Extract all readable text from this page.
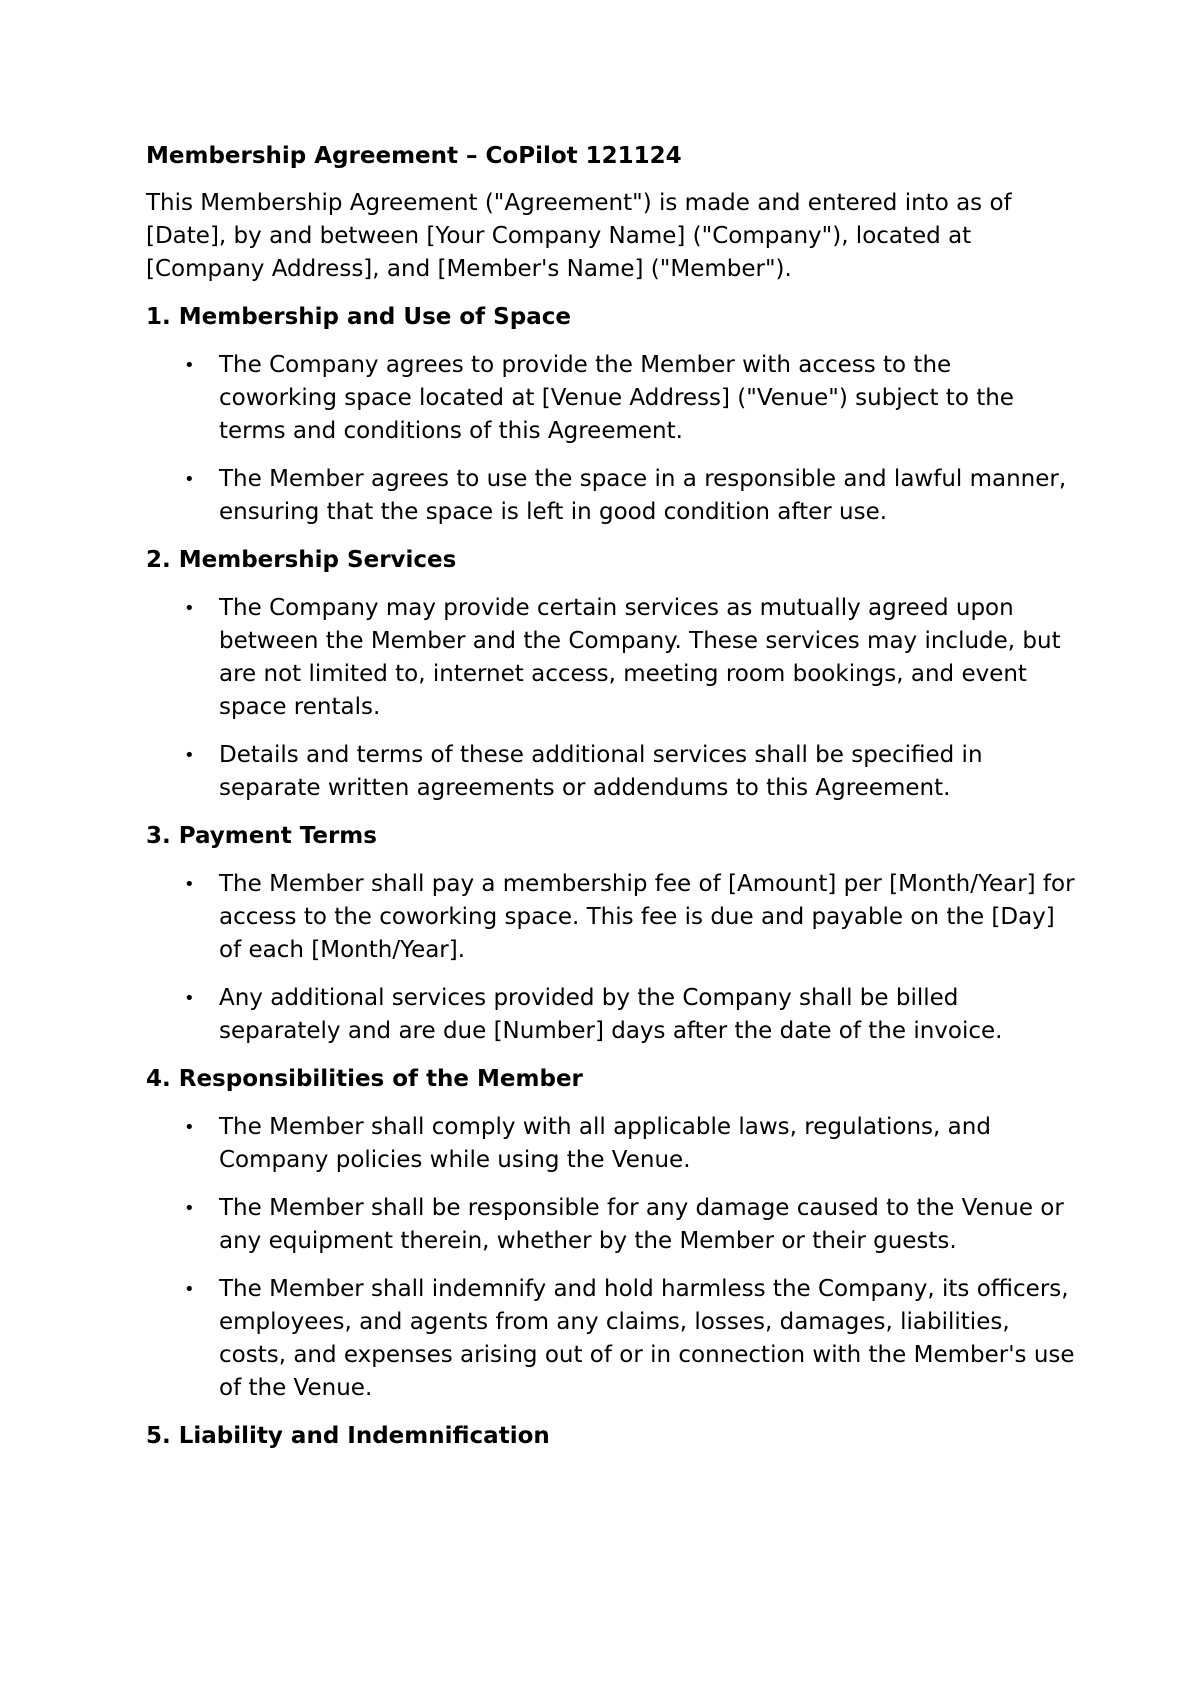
Membership Agreement – CoPilot 121124

This Membership Agreement ("Agreement") is made and entered into as of [Date], by and between [Your Company Name] ("Company"), located at [Company Address], and [Member's Name] ("Member").

1. Membership and Use of Space
•	The Company agrees to provide the Member with access to the coworking space located at [Venue Address] ("Venue") subject to the terms and conditions of this Agreement.
•	The Member agrees to use the space in a responsible and lawful manner, ensuring that the space is left in good condition after use.
2. Membership Services
•	The Company may provide certain services as mutually agreed upon between the Member and the Company. These services may include, but are not limited to, internet access, meeting room bookings, and event space rentals.
•	Details and terms of these additional services shall be specified in separate written agreements or addendums to this Agreement.
3. Payment Terms
•	The Member shall pay a membership fee of [Amount] per [Month/Year] for access to the coworking space. This fee is due and payable on the [Day] of each [Month/Year].
•	Any additional services provided by the Company shall be billed separately and are due [Number] days after the date of the invoice.
4. Responsibilities of the Member
•	The Member shall comply with all applicable laws, regulations, and Company policies while using the Venue.
•	The Member shall be responsible for any damage caused to the Venue or any equipment therein, whether by the Member or their guests.
•	The Member shall indemnify and hold harmless the Company, its officers, employees, and agents from any claims, losses, damages, liabilities, costs, and expenses arising out of or in connection with the Member's use of the Venue.
5. Liability and Indemnification
